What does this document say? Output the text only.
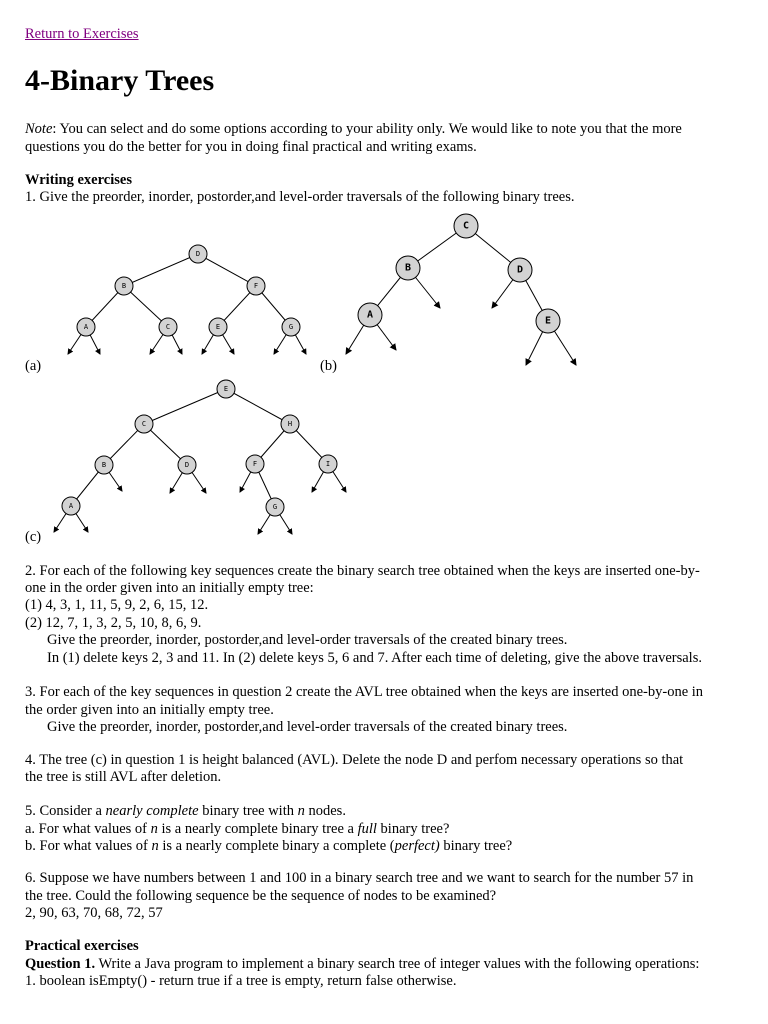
Return to Exercises
4-Binary Trees
Note: You can select and do some options according to your ability only. We would like to note you that the more
questions you do the better for you in doing final practical and writing exams.
Writing exercises
1. Give the preorder, inorder, postorder,and level-order traversals of the following binary trees.
D
B	F
A	C	E	G
(a)
C
B	D
A
E
(b)
E
C	H
B	D	F	I
A	G
(c)
2. For each of the following key sequences create the binary search tree obtained when the keys are inserted one-by-
one in the order given into an initially empty tree:
(1) 4, 3, 1, 11, 5, 9, 2, 6, 15, 12.
(2) 12, 7, 1, 3, 2, 5, 10, 8, 6, 9.
Give the preorder, inorder, postorder,and level-order traversals of the created binary trees.
In (1) delete keys 2, 3 and 11. In (2) delete keys 5, 6 and 7. After each time of deleting, give the above traversals.
3. For each of the key sequences in question 2 create the AVL tree obtained when the keys are inserted one-by-one in
the order given into an initially empty tree.
Give the preorder, inorder, postorder,and level-order traversals of the created binary trees.
4. The tree (c) in question 1 is height balanced (AVL). Delete the node D and perfom necessary operations so that
the tree is still AVL after deletion.
5. Consider a nearly complete binary tree with n nodes.
a. For what values of n is a nearly complete binary tree a full binary tree?
b. For what values of n is a nearly complete binary a complete (perfect) binary tree?
6. Suppose we have numbers between 1 and 100 in a binary search tree and we want to search for the number 57 in
the tree. Could the following sequence be the sequence of nodes to be examined?
2, 90, 63, 70, 68, 72, 57
Practical exercises
Question 1. Write a Java program to implement a binary search tree of integer values with the following operations:
1. boolean isEmpty() - return true if a tree is empty, return false otherwise.
